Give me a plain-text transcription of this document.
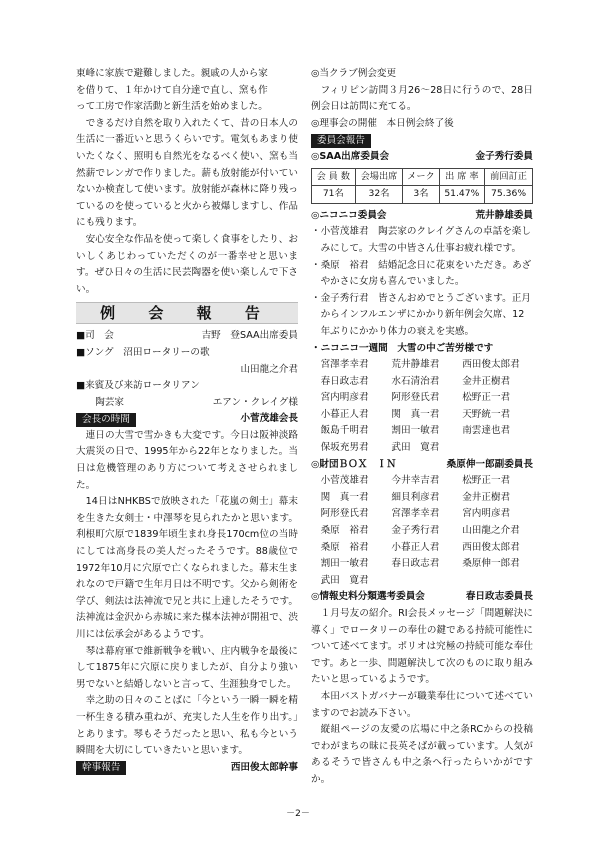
東峰に家族で避難しました。親戚の人から家

を借りて、１年かけて自分達で直し、窯も作

って工房で作家活動と新生活を始めました。

できるだけ自然を取り入れたくて、昔の日本人の生活に一番近いと思うくらいです。電気もあまり使いたくなく、照明も自然光をなるべく使い、窯も当然薪でレンガで作りました。薪も放射能が付いていないか検査して使います。放射能が森林に降り残っているのを使っていると火から被爆しますし、作品にも残ります。

安心安全な作品を使って楽しく食事をしたり、おいしくあじわっていただくのが一番幸せと思います。ぜひ日々の生活に民芸陶器を使い楽しんで下さい。

例 会 報 告
■司　会	吉野　登SAA出席委員

■ソング　沼田ロータリーの歌

山田龍之介君

■来賓及び来訪ロータリアン

陶芸家	エアン・クレイグ様
会長の時間	小菅茂雄会長

連日の大雪で雪かきも大変です。今日は阪神淡路大震災の日で、1995年から22年となりました。当日は危機管理のあり方について考えさせられました。

14日はNHKBSで放映された「花嵐の剣士」幕末を生きた女剣士・中澤琴を見られたかと思います。利根町穴原で1839年頃生まれ身長170cm位の当時にしては高身長の美人だったそうです。88歳位で1972年10月に穴原で亡くなられました。幕末生まれなので戸籍で生年月日は不明です。父から剣術を学び、剣法は法神流で兄と共に上達したそうです。法神流は金沢から赤城に来た楳本法神が開祖で、渋川には伝承会があるようです。

琴は幕府軍で維新戦争を戦い、庄内戦争を最後にして1875年に穴原に戻りましたが、自分より強い男でないと結婚しないと言って、生涯独身でした。

幸之助の日々のことばに「今という一瞬一瞬を精一杯生きる積み重ねが、充実した人生を作り出す。」とあります。琴もそうだったと思い、私も今という瞬間を大切にしていきたいと思います。

幹事報告	西田俊太郎幹事

◎当クラブ例会変更

フィリピン訪問３月26～28日に行うので、28日例会日は訪問に充てる。

◎理事会の開催　本日例会終了後

委員会報告
◎SAA出席委員会	金子秀行委員
会 員 数	会場出席	メーク	出 席 率	前回訂正
71名	32名	3名	51.47%	75.36%
◎ニコニコ委員会	荒井静雄委員

・小菅茂雄君　陶芸家のクレイグさんの卓話を楽しみにして。大雪の中皆さん仕事お疲れ様です。

・桑原　裕君　結婚記念日に花束をいただき。あざやかさに女房も喜んでいました。

・金子秀行君　皆さんおめでとうございます。正月からインフルエンザにかかり新年例会欠席、12年ぶりにかかり体力の衰えを実感。

・ニコニコ一週間　大雪の中ご苦労様です

宮澤孝幸君	荒井静雄君	西田俊太郎君
春日政志君	水石清治君	金井正樹君
宮内明彦君	阿形登氏君	松野正一君
小暮正人君	関　真一君	天野統一君
飯島千明君	割田一敏君	南雲達也君
保坂充男君	武田　寛君
◎財団ＢＯＸ　ＩＮ	桑原伸一郎副委員長
小菅茂雄君	今井幸吉君	松野正一君
関　真一君	細貝利彦君	金井正樹君
阿形登氏君	宮澤孝幸君	宮内明彦君
桑原　裕君	金子秀行君	山田龍之介君
桑原　裕君	小暮正人君	西田俊太郎君
割田一敏君	春日政志君	桑原伸一郎君
武田　寛君
◎情報史料分類選考委員会	春日政志委員長

１月号友の紹介。RI会長メッセージ「問題解決に導く」でロータリーの奉仕の鍵である持続可能性について述べてます。ポリオは究極の持続可能な奉仕です。あと一歩、問題解決して次のものに取り組みたいと思っているようです。

本田バストガバナーが職業奉仕について述べていますのでお読み下さい。

縦組ページの友愛の広場に中之条RCからの投稿でわがまちの昧に長英そばが載っています。人気があるそうで皆さんも中之条へ行ったらいかがですか。

－2－
